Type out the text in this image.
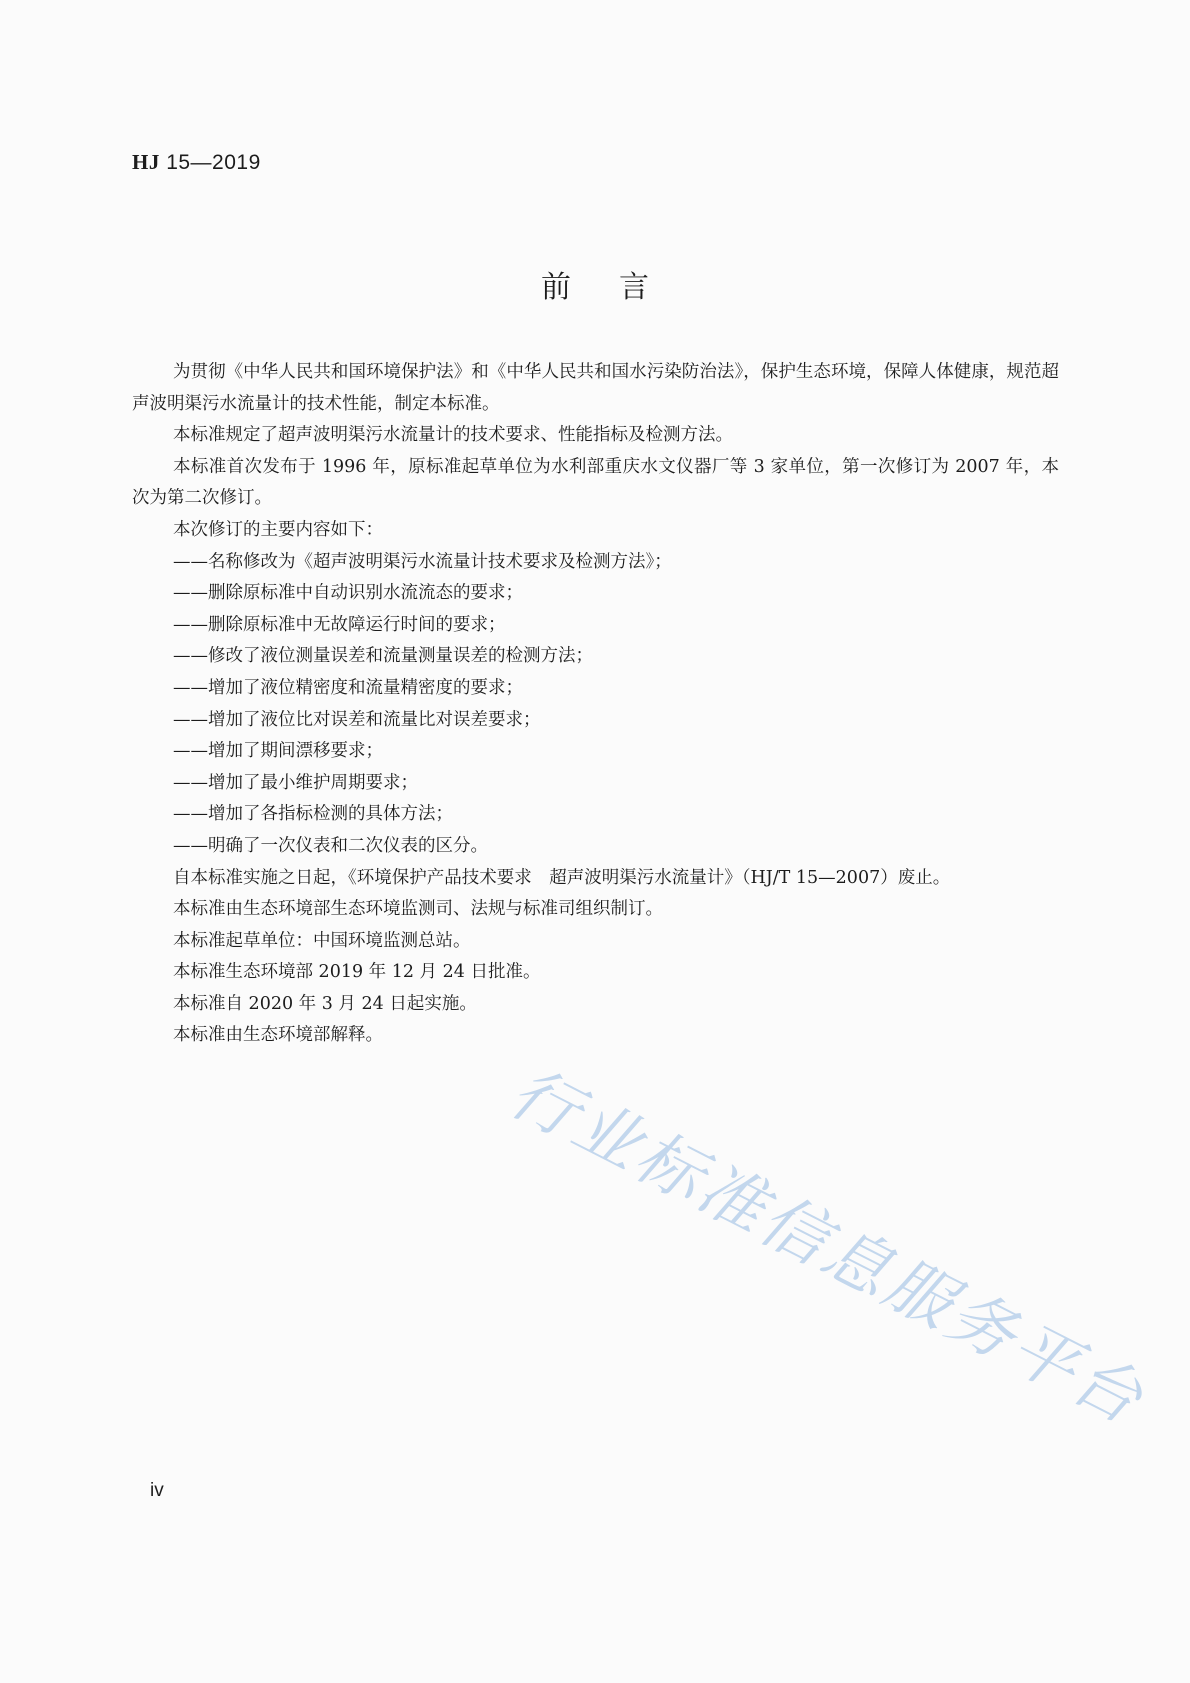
HJ 15—2019
前言

为贯彻《中华人民共和国环境保护法》和《中华人民共和国水污染防治法》，保护生态环境，保障人体健康，规范超声波明渠污水流量计的技术性能，制定本标准。

本标准规定了超声波明渠污水流量计的技术要求、性能指标及检测方法。

本标准首次发布于 1996 年，原标准起草单位为水利部重庆水文仪器厂等 3 家单位，第一次修订为 2007 年，本次为第二次修订。

本次修订的主要内容如下：

——名称修改为《超声波明渠污水流量计技术要求及检测方法》；

——删除原标准中自动识别水流流态的要求；

——删除原标准中无故障运行时间的要求；

——修改了液位测量误差和流量测量误差的检测方法；

——增加了液位精密度和流量精密度的要求；

——增加了液位比对误差和流量比对误差要求；

——增加了期间漂移要求；

——增加了最小维护周期要求；

——增加了各指标检测的具体方法；

——明确了一次仪表和二次仪表的区分。

自本标准实施之日起，《环境保护产品技术要求　超声波明渠污水流量计》（HJ/T 15—2007）废止。

本标准由生态环境部生态环境监测司、法规与标准司组织制订。

本标准起草单位：中国环境监测总站。

本标准生态环境部 2019 年 12 月 24 日批准。

本标准自 2020 年 3 月 24 日起实施。

本标准由生态环境部解释。

行业标准信息服务平台
iv
